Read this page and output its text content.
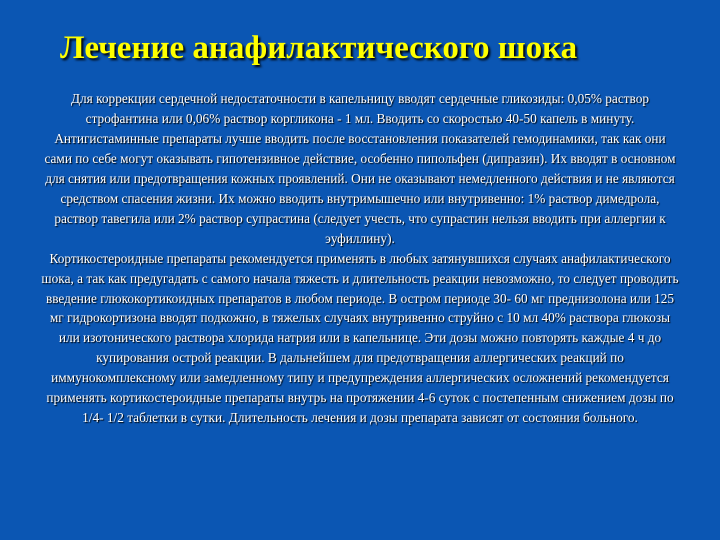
Лечение анафилактического шока

Для коррекции сердечной недостаточности в капельницу вводят сердечные гликозиды: 0,05% раствор строфантина или 0,06% раствор коргликона - 1 мл. Вводить со скоростью 40-50 капель в минуту.

Антигистаминные препараты лучше вводить после восстановления показателей гемодинамики, так как они сами по себе могут оказывать гипотензивное действие, особенно пипольфен (дипразин). Их вводят в основном для снятия или предотвращения кожных проявлений. Они не оказывают немедленного действия и не являются средством спасения жизни. Их можно вводить внутримышечно или внутривенно: 1% раствор димедрола, раствор тавегила или 2% раствор супрастина (следует учесть, что супрастин нельзя вводить при аллергии к эуфиллину).

Кортикостероидные препараты рекомендуется применять в любых затянувшихся случаях анафилактического шока, а так как предугадать с самого начала тяжесть и длительность реакции невозможно, то следует проводить введение глюкокортикоидных препаратов в любом периоде. В остром периоде 30- 60 мг преднизолона или 125 мг гидрокортизона вводят подкожно, в тяжелых случаях внутривенно струйно с 10 мл 40% раствора глюкозы или изотонического раствора хлорида натрия или в капельнице. Эти дозы можно повторять каждые 4 ч до купирования острой реакции. В дальнейшем для предотвращения аллергических реакций по иммунокомплексному или замедленному типу и предупреждения аллергических осложнений рекомендуется применять кортикостероидные препараты внутрь на протяжении 4-6 суток с постепенным снижением дозы по 1/4- 1/2 таблетки в сутки. Длительность лечения и дозы препарата зависят от состояния больного.
